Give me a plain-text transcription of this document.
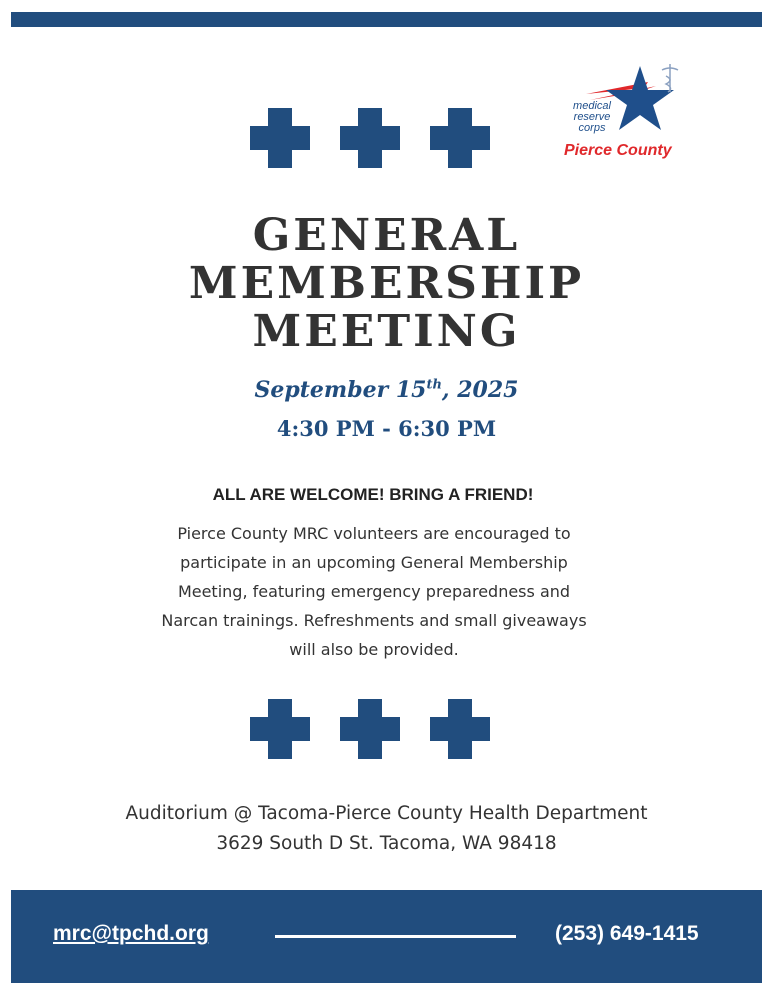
medical
reserve
corps
Pierce County
GENERAL
MEMBERSHIP
MEETING
September 15th, 2025
4:30 PM - 6:30 PM
ALL ARE WELCOME! BRING A FRIEND!
Pierce County MRC volunteers are encouraged to participate in an upcoming General Membership Meeting, featuring emergency preparedness and Narcan trainings. Refreshments and small giveaways will also be provided.
Auditorium @ Tacoma-Pierce County Health Department
3629 South D St. Tacoma, WA 98418
mrc@tpchd.org	(253) 649-1415
